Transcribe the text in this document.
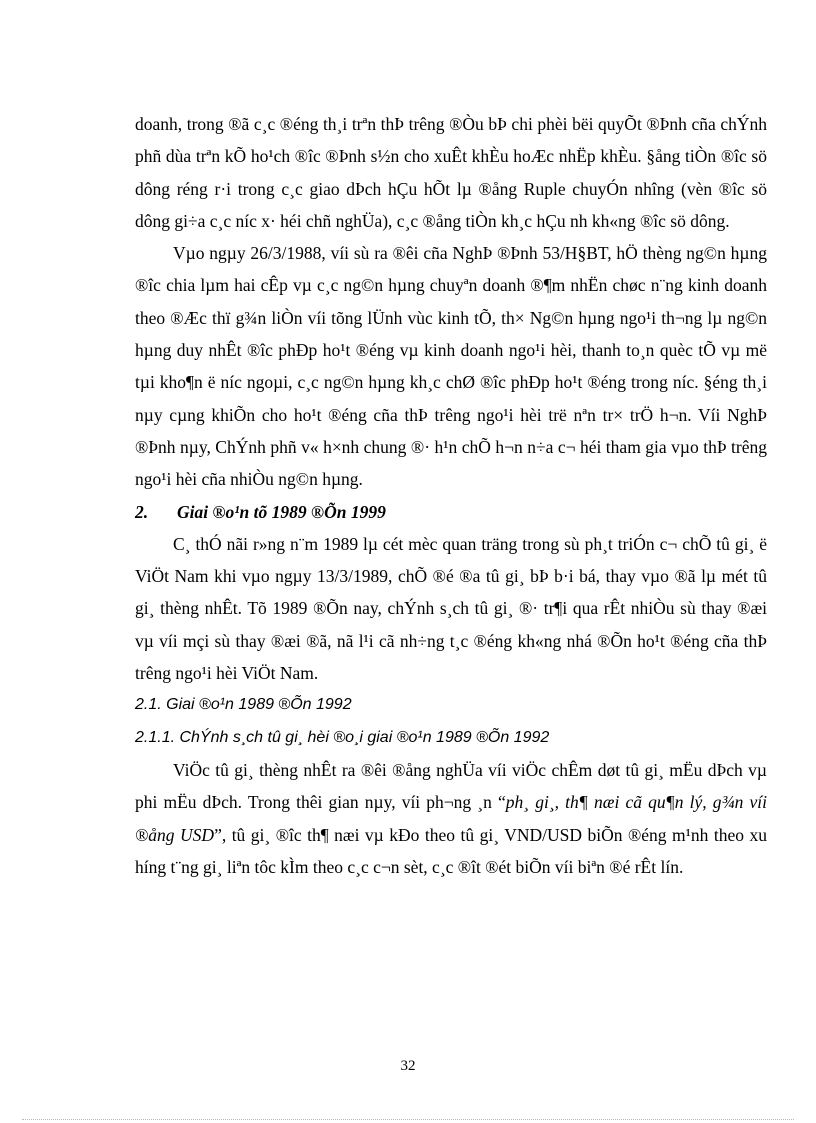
doanh, trong ®ã c¸c ®éng th¸i trªn thÞ trêng ®Òu bÞ chi phèi bëi quyÕt ®Þnh cña chÝnh phñ dùa trªn kÕ ho¹ch ®îc ®Þnh s½n cho xuÊt khÈu hoÆc nhËp khÈu. §ång tiÒn ®îc sö dông réng r·i trong c¸c giao dÞch hÇu hÕt lµ ®ång Ruple chuyÓn nhîng (vèn ®îc sö dông gi÷a c¸c níc x· héi chñ nghÜa), c¸c ®ång tiÒn kh¸c hÇu nh kh«ng ®îc sö dông.

Vµo ngµy 26/3/1988, víi sù ra ®êi cña NghÞ ®Þnh 53/H§BT, hÖ thèng ng©n hµng ®îc chia lµm hai cÊp vµ c¸c ng©n hµng chuyªn doanh ®¶m nhËn chøc n¨ng kinh doanh theo ®Æc thï g¾n liÒn víi tõng lÜnh vùc kinh tÕ, th× Ng©n hµng ngo¹i th¬ng lµ ng©n hµng duy nhÊt ®îc phÐp ho¹t ®éng vµ kinh doanh ngo¹i hèi, thanh to¸n quèc tÕ vµ më tµi kho¶n ë níc ngoµi, c¸c ng©n hµng kh¸c chØ ®îc phÐp ho¹t ®éng trong níc. §éng th¸i nµy cµng khiÕn cho ho¹t ®éng cña thÞ trêng ngo¹i hèi trë nªn tr× trÖ h¬n. Víi NghÞ ®Þnh nµy, ChÝnh phñ v« h×nh chung ®· h¹n chÕ h¬n n÷a c¬ héi tham gia vµo thÞ trêng ngo¹i hèi cña nhiÒu ng©n hµng.

2. Giai ®o¹n tõ 1989 ®Õn 1999

C¸ thÓ nãi r»ng n¨m 1989 lµ cét mèc quan träng trong sù ph¸t triÓn c¬ chÕ tû gi¸ ë ViÖt Nam khi vµo ngµy 13/3/1989, chÕ ®é ®a tû gi¸ bÞ b·i bá, thay vµo ®ã lµ mét tû gi¸ thèng nhÊt. Tõ 1989 ®Õn nay, chÝnh s¸ch tû gi¸ ®· tr¶i qua rÊt nhiÒu sù thay ®æi vµ víi mçi sù thay ®æi ®ã, nã l¹i cã nh÷ng t¸c ®éng kh«ng nhá ®Õn ho¹t ®éng cña thÞ trêng ngo¹i hèi ViÖt Nam.

2.1. Giai ®o¹n 1989 ®Õn 1992

2.1.1. ChÝnh s¸ch tû gi¸ hèi ®o¸i giai ®o¹n 1989 ®Õn 1992

ViÖc tû gi¸ thèng nhÊt ra ®êi ®ång nghÜa víi viÖc chÊm døt tû gi¸ mËu dÞch vµ phi mËu dÞch. Trong thêi gian nµy, víi ph¬ng ¸n “ph¸ gi¸, th¶ næi cã qu¶n lý, g¾n víi ®ång USD”, tû gi¸ ®îc th¶ næi vµ kÐo theo tû gi¸ VND/USD biÕn ®éng m¹nh theo xu híng t¨ng gi¸ liªn tôc kÌm theo c¸c c¬n sèt, c¸c ®ît ®ét biÕn víi biªn ®é rÊt lín.

32
